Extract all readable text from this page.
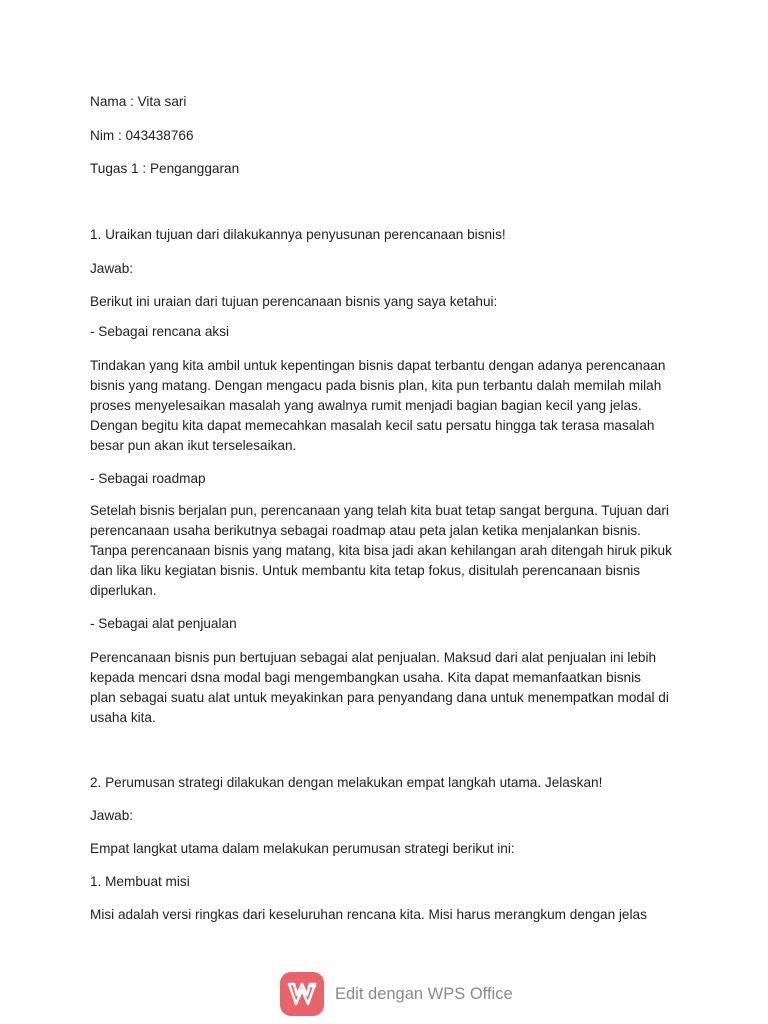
Nama : Vita sari

Nim : 043438766

Tugas 1 : Penganggaran

1. Uraikan tujuan dari dilakukannya penyusunan perencanaan bisnis!

Jawab:

Berikut ini uraian dari tujuan perencanaan bisnis yang saya ketahui:

- Sebagai rencana aksi

Tindakan yang kita ambil untuk kepentingan bisnis dapat terbantu dengan adanya perencanaan

bisnis yang matang. Dengan mengacu pada bisnis plan, kita pun terbantu dalah memilah milah

proses menyelesaikan masalah yang awalnya rumit menjadi bagian bagian kecil yang jelas.

Dengan begitu kita dapat memecahkan masalah kecil satu persatu hingga tak terasa masalah

besar pun akan ikut terselesaikan.

- Sebagai roadmap

Setelah bisnis berjalan pun, perencanaan yang telah kita buat tetap sangat berguna. Tujuan dari

perencanaan usaha berikutnya sebagai roadmap atau peta jalan ketika menjalankan bisnis.

Tanpa perencanaan bisnis yang matang, kita bisa jadi akan kehilangan arah ditengah hiruk pikuk

dan lika liku kegiatan bisnis. Untuk membantu kita tetap fokus, disitulah perencanaan bisnis

diperlukan.

- Sebagai alat penjualan

Perencanaan bisnis pun bertujuan sebagai alat penjualan. Maksud dari alat penjualan ini lebih

kepada mencari dsna modal bagi mengembangkan usaha. Kita dapat memanfaatkan bisnis

plan sebagai suatu alat untuk meyakinkan para penyandang dana untuk menempatkan modal di

usaha kita.

2. Perumusan strategi dilakukan dengan melakukan empat langkah utama. Jelaskan!

Jawab:

Empat langkat utama dalam melakukan perumusan strategi berikut ini:

1. Membuat misi

Misi adalah versi ringkas dari keseluruhan rencana kita. Misi harus merangkum dengan jelas

Edit dengan WPS Office
